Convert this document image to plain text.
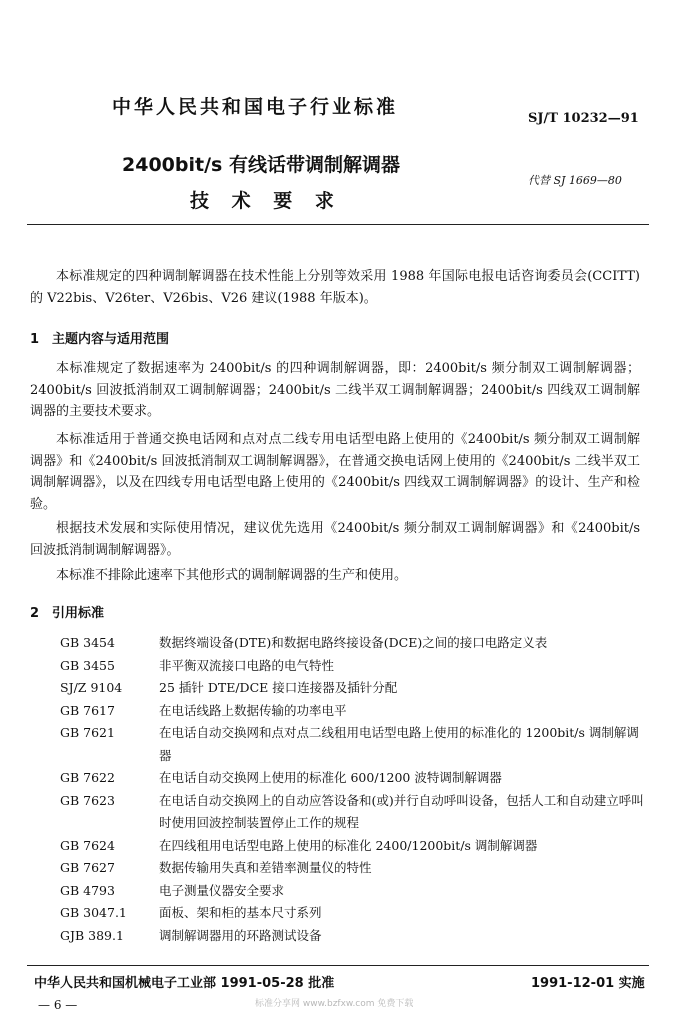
中华人民共和国电子行业标准
SJ/T 10232—91
2400bit/s 有线话带调制解调器
代替 SJ 1669—80
技 术 要 求

本标准规定的四种调制解调器在技术性能上分别等效采用 1988 年国际电报电话咨询委员会(CCITT)的 V22bis、V26ter、V26bis、V26 建议(1988 年版本)。

1 主题内容与适用范围

本标准规定了数据速率为 2400bit/s 的四种调制解调器，即：2400bit/s 频分制双工调制解调器；2400bit/s 回波抵消制双工调制解调器；2400bit/s 二线半双工调制解调器；2400bit/s 四线双工调制解调器的主要技术要求。

本标准适用于普通交换电话网和点对点二线专用电话型电路上使用的《2400bit/s 频分制双工调制解调器》和《2400bit/s 回波抵消制双工调制解调器》，在普通交换电话网上使用的《2400bit/s 二线半双工调制解调器》，以及在四线专用电话型电路上使用的《2400bit/s 四线双工调制解调器》的设计、生产和检验。

根据技术发展和实际使用情况，建议优先选用《2400bit/s 频分制双工调制解调器》和《2400bit/s 回波抵消制调制解调器》。

本标准不排除此速率下其他形式的调制解调器的生产和使用。

2 引用标准
GB 3454	数据终端设备(DTE)和数据电路终接设备(DCE)之间的接口电路定义表
GB 3455	非平衡双流接口电路的电气特性
SJ/Z 9104	25 插针 DTE/DCE 接口连接器及插针分配
GB 7617	在电话线路上数据传输的功率电平
GB 7621	在电话自动交换网和点对点二线租用电话型电路上使用的标准化的 1200bit/s 调制解调器
GB 7622	在电话自动交换网上使用的标准化 600/1200 波特调制解调器
GB 7623	在电话自动交换网上的自动应答设备和(或)并行自动呼叫设备，包括人工和自动建立呼叫时使用回波控制装置停止工作的规程
GB 7624	在四线租用电话型电路上使用的标准化 2400/1200bit/s 调制解调器
GB 7627	数据传输用失真和差错率测量仪的特性
GB 4793	电子测量仪器安全要求
GB 3047.1	面板、架和柜的基本尺寸系列
GJB 389.1	调制解调器用的环路测试设备
中华人民共和国机械电子工业部 1991-05-28 批准	1991-12-01 实施
— 6 —	标准分享网 www.bzfxw.com 免费下载
